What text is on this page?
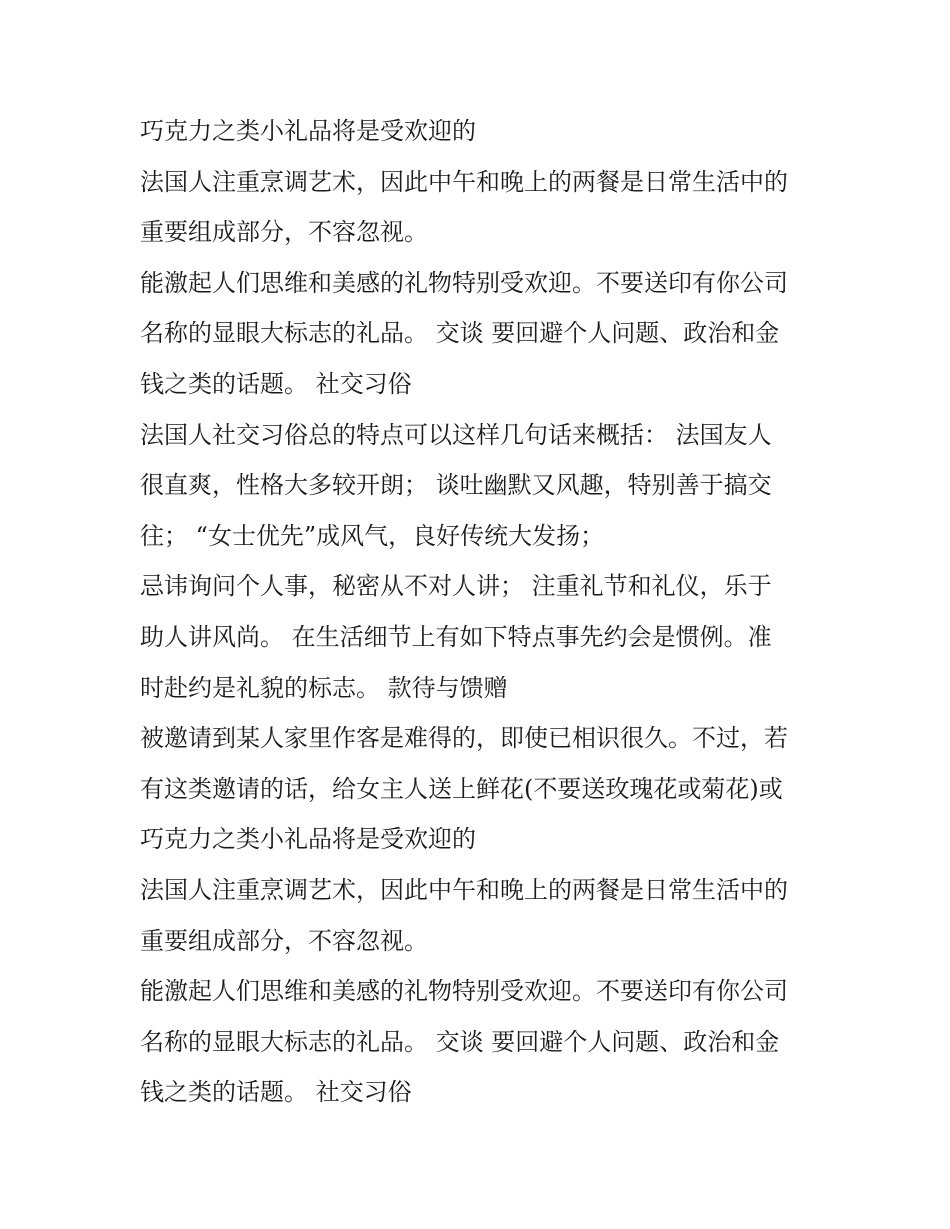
巧克力之类小礼品将是受欢迎的
法国人注重烹调艺术，因此中午和晚上的两餐是日常生活中的
重要组成部分，不容忽视。
能激起人们思维和美感的礼物特别受欢迎。不要送印有你公司
名称的显眼大标志的礼品。 交谈 要回避个人问题、政治和金
钱之类的话题。 社交习俗
法国人社交习俗总的特点可以这样几句话来概括： 法国友人
很直爽，性格大多较开朗； 谈吐幽默又风趣，特别善于搞交
往； “女士优先”成风气，良好传统大发扬；
忌讳询问个人事，秘密从不对人讲； 注重礼节和礼仪，乐于
助人讲风尚。 在生活细节上有如下特点事先约会是惯例。准
时赴约是礼貌的标志。 款待与馈赠
被邀请到某人家里作客是难得的，即使已相识很久。不过，若
有这类邀请的话，给女主人送上鲜花(不要送玫瑰花或菊花)或
巧克力之类小礼品将是受欢迎的
法国人注重烹调艺术，因此中午和晚上的两餐是日常生活中的
重要组成部分，不容忽视。
能激起人们思维和美感的礼物特别受欢迎。不要送印有你公司
名称的显眼大标志的礼品。 交谈 要回避个人问题、政治和金
钱之类的话题。 社交习俗
